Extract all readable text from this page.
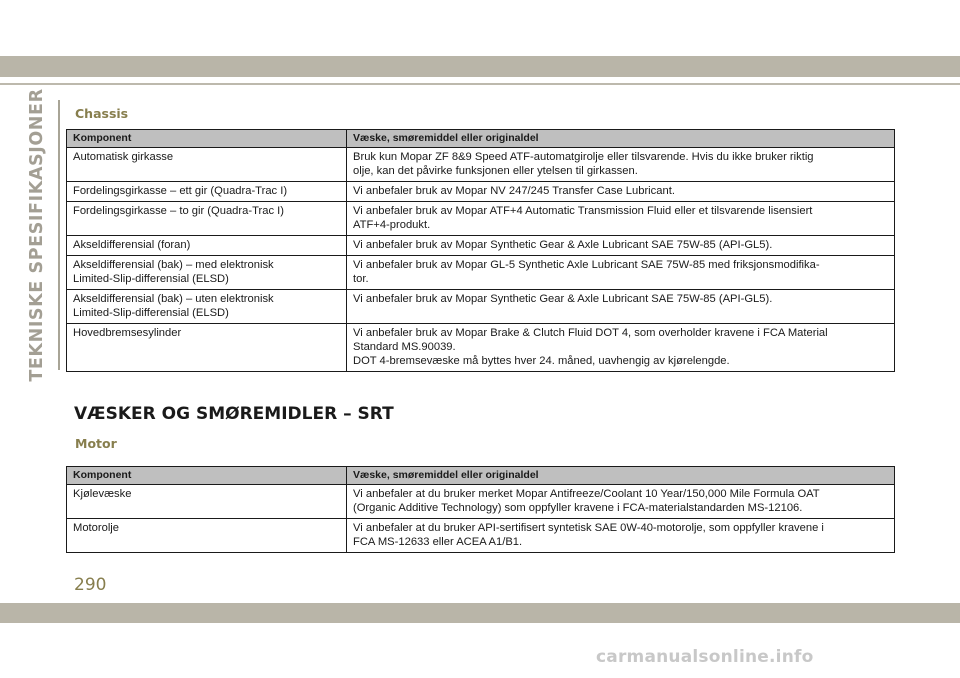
TEKNISKE SPESIFIKASJONER Chassis
Komponent	Væske, smøremiddel eller originaldel

Automatisk girkasse	Bruk kun Mopar ZF 8&9 Speed ATF-automatgirolje eller tilsvarende. Hvis du ikke bruker riktig
olje, kan det påvirke funksjonen eller ytelsen til girkassen.

Fordelingsgirkasse – ett gir (Quadra-Trac I)	Vi anbefaler bruk av Mopar NV 247/245 Transfer Case Lubricant.

Fordelingsgirkasse – to gir (Quadra-Trac I)	Vi anbefaler bruk av Mopar ATF+4 Automatic Transmission Fluid eller et tilsvarende lisensiert
ATF+4-produkt.

Akseldifferensial (foran)	Vi anbefaler bruk av Mopar Synthetic Gear & Axle Lubricant SAE 75W-85 (API-GL5).

Akseldifferensial (bak) – med elektronisk
Limited-Slip-differensial (ELSD)	Vi anbefaler bruk av Mopar GL-5 Synthetic Axle Lubricant SAE 75W-85 med friksjonsmodifika-
tor.

Akseldifferensial (bak) – uten elektronisk
Limited-Slip-differensial (ELSD)	Vi anbefaler bruk av Mopar Synthetic Gear & Axle Lubricant SAE 75W-85 (API-GL5).

Hovedbremsesylinder	Vi anbefaler bruk av Mopar Brake & Clutch Fluid DOT 4, som overholder kravene i FCA Material
Standard MS.90039.
DOT 4-bremsevæske må byttes hver 24. måned, uavhengig av kjørelengde.
VÆSKER OG SMØREMIDLER – SRT
Motor
Komponent	Væske, smøremiddel eller originaldel

Kjølevæske	Vi anbefaler at du bruker merket Mopar Antifreeze/Coolant 10 Year/150,000 Mile Formula OAT
(Organic Additive Technology) som oppfyller kravene i FCA-materialstandarden MS-12106.

Motorolje	Vi anbefaler at du bruker API-sertifisert syntetisk SAE 0W-40-motorolje, som oppfyller kravene i
FCA MS-12633 eller ACEA A1/B1.
290
carmanualsonline.info
